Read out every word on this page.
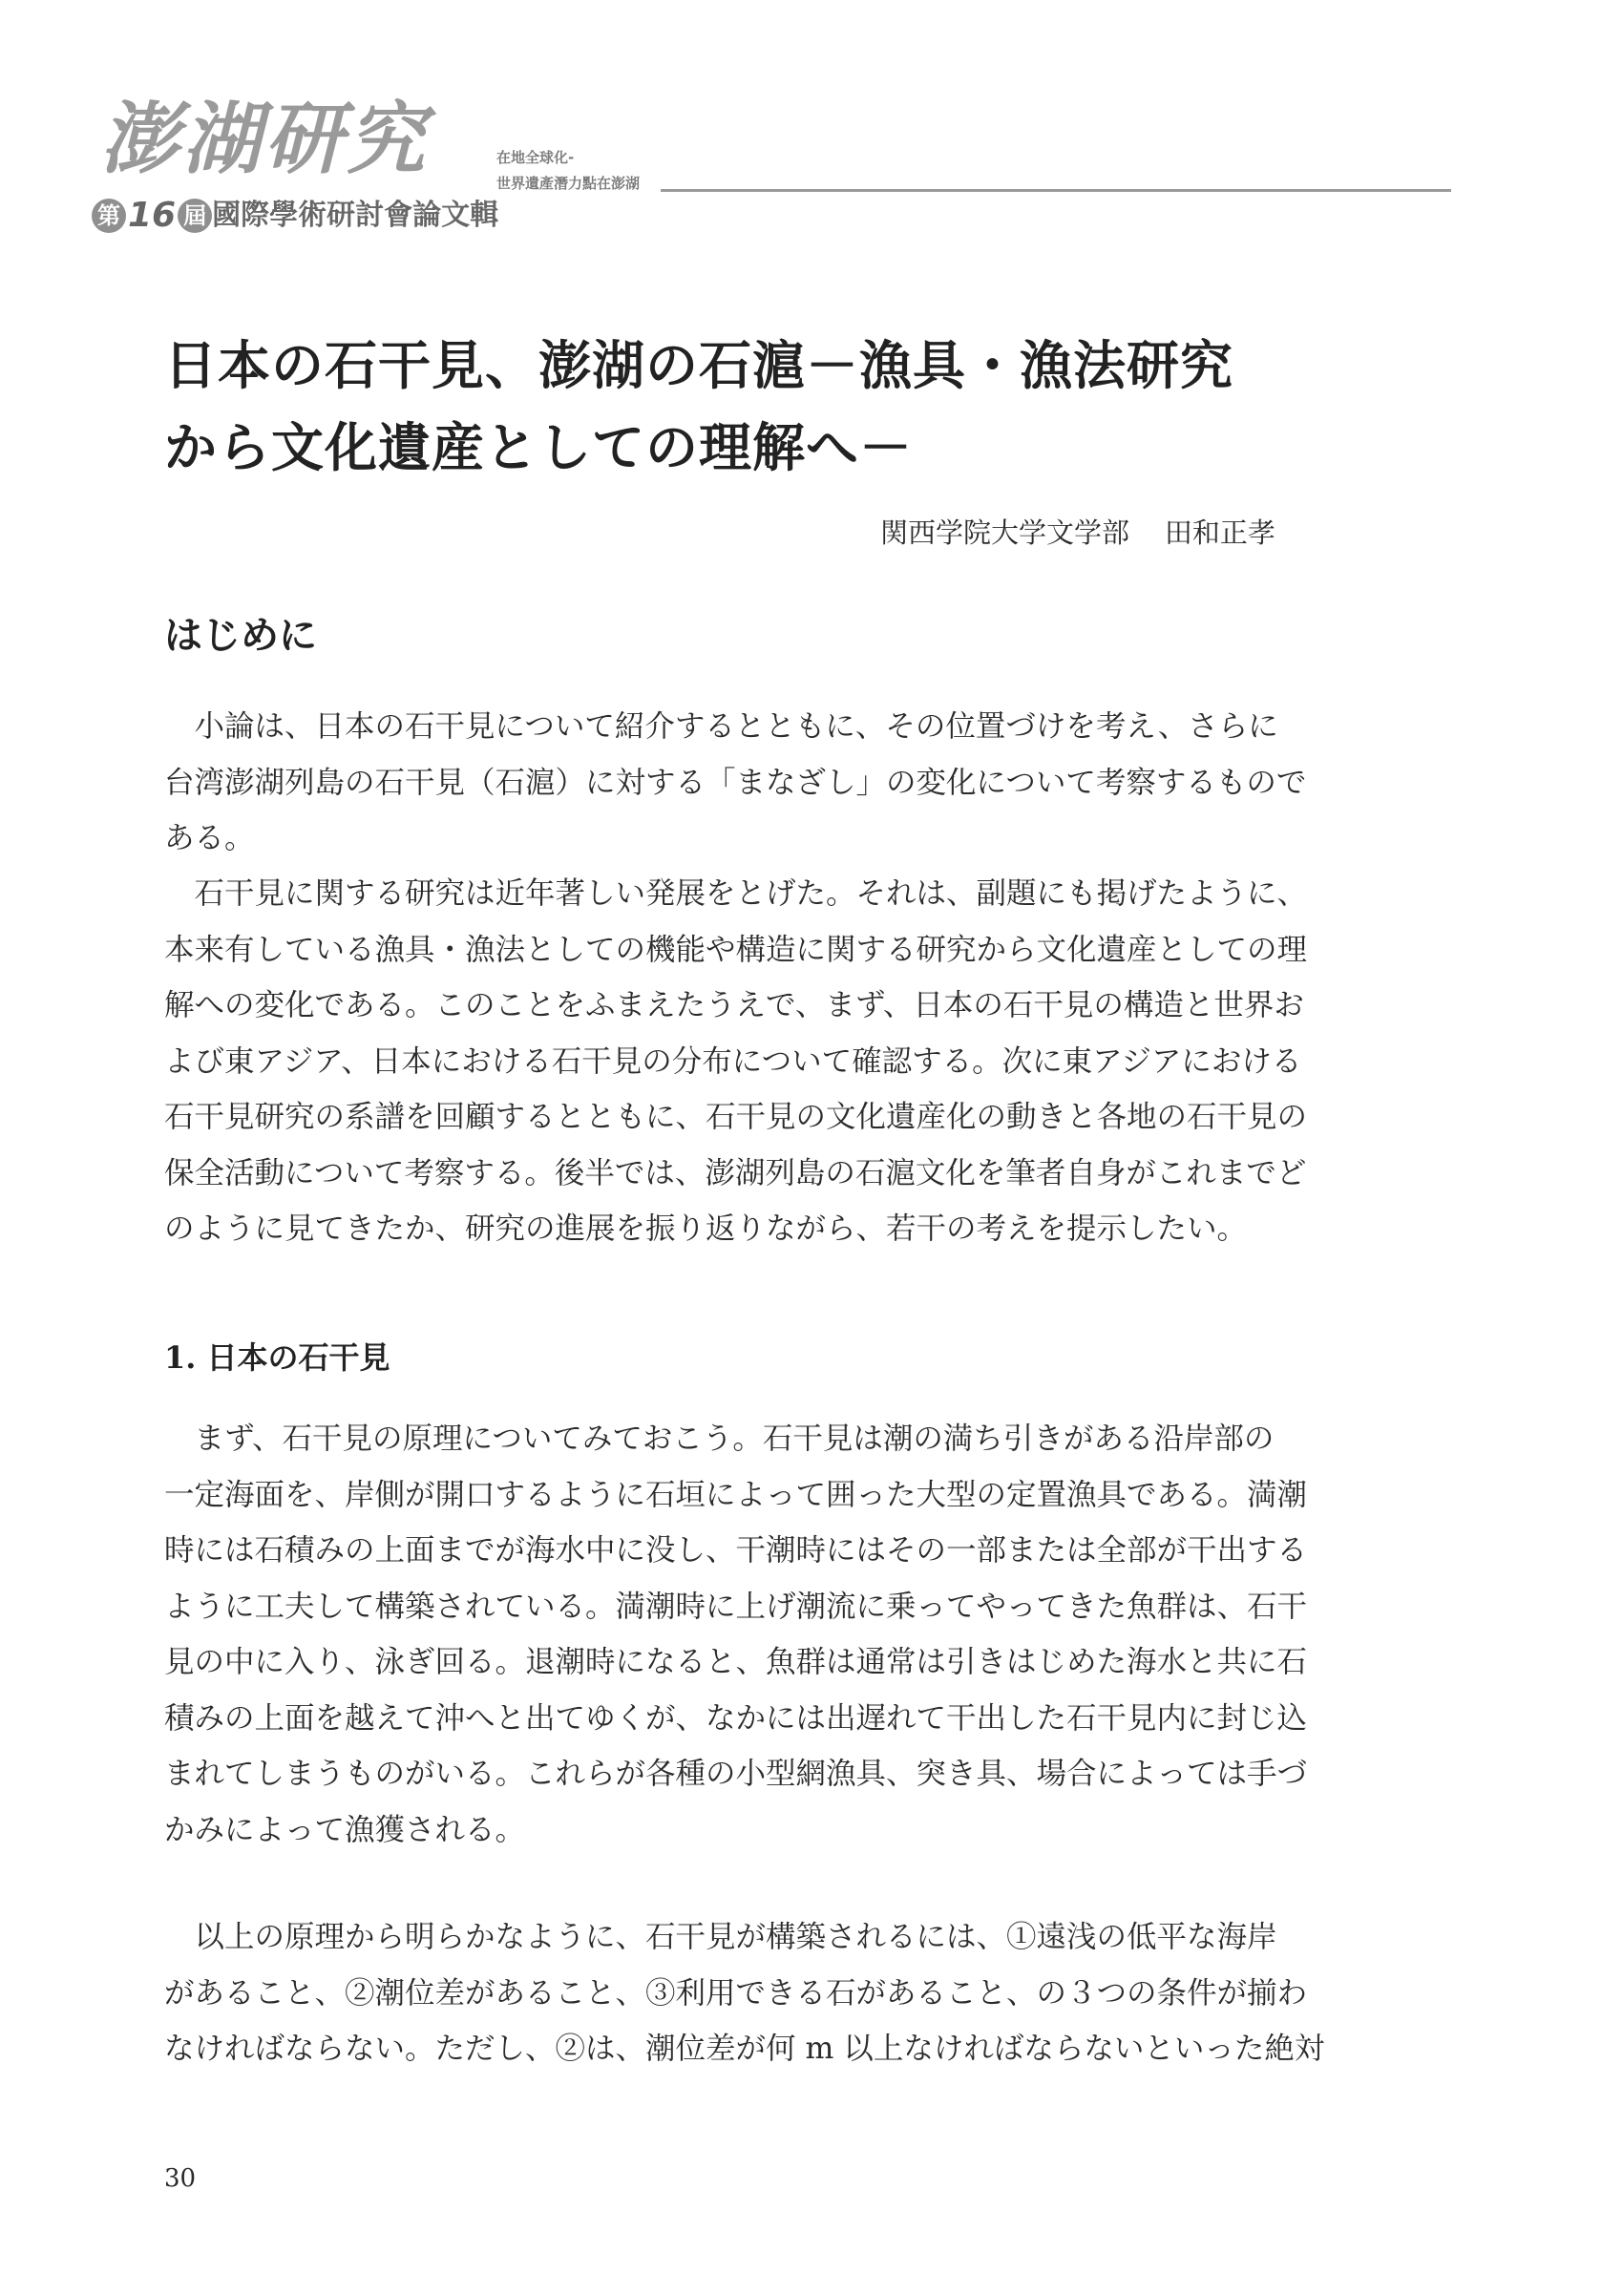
澎湖研究
第 16 屆 國際學術研討會論文輯
在地全球化-
世界遺產潛力點在澎湖
日本の石干見、澎湖の石滬－漁具・漁法研究
から文化遺産としての理解へ－
関西学院大学文学部 田和正孝
はじめに

　小論は、日本の石干見について紹介するとともに、その位置づけを考え、さらに
台湾澎湖列島の石干見（石滬）に対する「まなざし」の変化について考察するもので
ある。

　石干見に関する研究は近年著しい発展をとげた。それは、副題にも掲げたように、
本来有している漁具・漁法としての機能や構造に関する研究から文化遺産としての理
解への変化である。このことをふまえたうえで、まず、日本の石干見の構造と世界お
よび東アジア、日本における石干見の分布について確認する。次に東アジアにおける
石干見研究の系譜を回顧するとともに、石干見の文化遺産化の動きと各地の石干見の
保全活動について考察する。後半では、澎湖列島の石滬文化を筆者自身がこれまでど
のように見てきたか、研究の進展を振り返りながら、若干の考えを提示したい。

1. 日本の石干見

　まず、石干見の原理についてみておこう。石干見は潮の満ち引きがある沿岸部の
一定海面を、岸側が開口するように石垣によって囲った大型の定置漁具である。満潮
時には石積みの上面までが海水中に没し、干潮時にはその一部または全部が干出する
ように工夫して構築されている。満潮時に上げ潮流に乗ってやってきた魚群は、石干
見の中に入り、泳ぎ回る。退潮時になると、魚群は通常は引きはじめた海水と共に石
積みの上面を越えて沖へと出てゆくが、なかには出遅れて干出した石干見内に封じ込
まれてしまうものがいる。これらが各種の小型網漁具、突き具、場合によっては手づ
かみによって漁獲される。

　以上の原理から明らかなように、石干見が構築されるには、①遠浅の低平な海岸
があること、②潮位差があること、③利用できる石があること、の３つの条件が揃わ
なければならない。ただし、②は、潮位差が何 m 以上なければならないといった絶対

30
